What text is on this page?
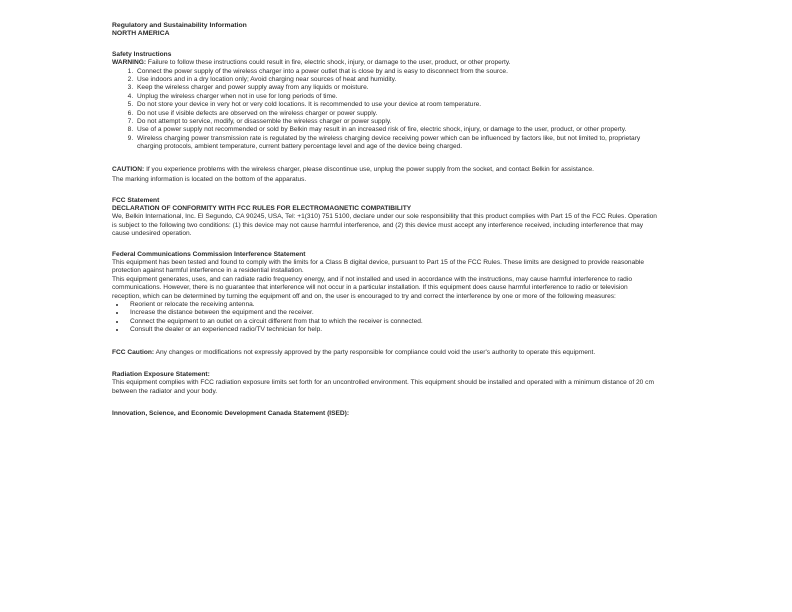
Regulatory and Sustainability Information

NORTH AMERICA

Safety Instructions

WARNING: Failure to follow these instructions could result in fire, electric shock, injury, or damage to the user, product, or other property.

1. Connect the power supply of the wireless charger into a power outlet that is close by and is easy to disconnect from the source.
2. Use indoors and in a dry location only; Avoid charging near sources of heat and humidity.
3. Keep the wireless charger and power supply away from any liquids or moisture.
4. Unplug the wireless charger when not in use for long periods of time.
5. Do not store your device in very hot or very cold locations. It is recommended to use your device at room temperature.
6. Do not use if visible defects are observed on the wireless charger or power supply.
7. Do not attempt to service, modify, or disassemble the wireless charger or power supply.
8. Use of a power supply not recommended or sold by Belkin may result in an increased risk of fire, electric shock, injury, or damage to the user, product, or other property.
9. Wireless charging power transmission rate is regulated by the wireless charging device receiving power which can be influenced by factors like, but not limited to, proprietary charging protocols, ambient temperature, current battery percentage level and age of the device being charged.

CAUTION: If you experience problems with the wireless charger, please discontinue use, unplug the power supply from the socket, and contact Belkin for assistance.

The marking information is located on the bottom of the apparatus.

FCC Statement

DECLARATION OF CONFORMITY WITH FCC RULES FOR ELECTROMAGNETIC COMPATIBILITY

We, Belkin International, Inc. El Segundo, CA 90245, USA, Tel: +1(310) 751 5100, declare under our sole responsibility that this product complies with Part 15 of the FCC Rules. Operation is subject to the following two conditions: (1) this device may not cause harmful interference, and (2) this device must accept any interference received, including interference that may cause undesired operation.

Federal Communications Commission Interference Statement

This equipment has been tested and found to comply with the limits for a Class B digital device, pursuant to Part 15 of the FCC Rules. These limits are designed to provide reasonable protection against harmful interference in a residential installation.

This equipment generates, uses, and can radiate radio frequency energy, and if not installed and used in accordance with the instructions, may cause harmful interference to radio communications. However, there is no guarantee that interference will not occur in a particular installation. If this equipment does cause harmful interference to radio or television reception, which can be determined by turning the equipment off and on, the user is encouraged to try and correct the interference by one or more of the following measures:

• Reorient or relocate the receiving antenna.
• Increase the distance between the equipment and the receiver.
• Connect the equipment to an outlet on a circuit different from that to which the receiver is connected.
• Consult the dealer or an experienced radio/TV technician for help.

FCC Caution: Any changes or modifications not expressly approved by the party responsible for compliance could void the user's authority to operate this equipment.

Radiation Exposure Statement:

This equipment complies with FCC radiation exposure limits set forth for an uncontrolled environment. This equipment should be installed and operated with a minimum distance of 20 cm between the radiator and your body.

Innovation, Science, and Economic Development Canada Statement (ISED):
